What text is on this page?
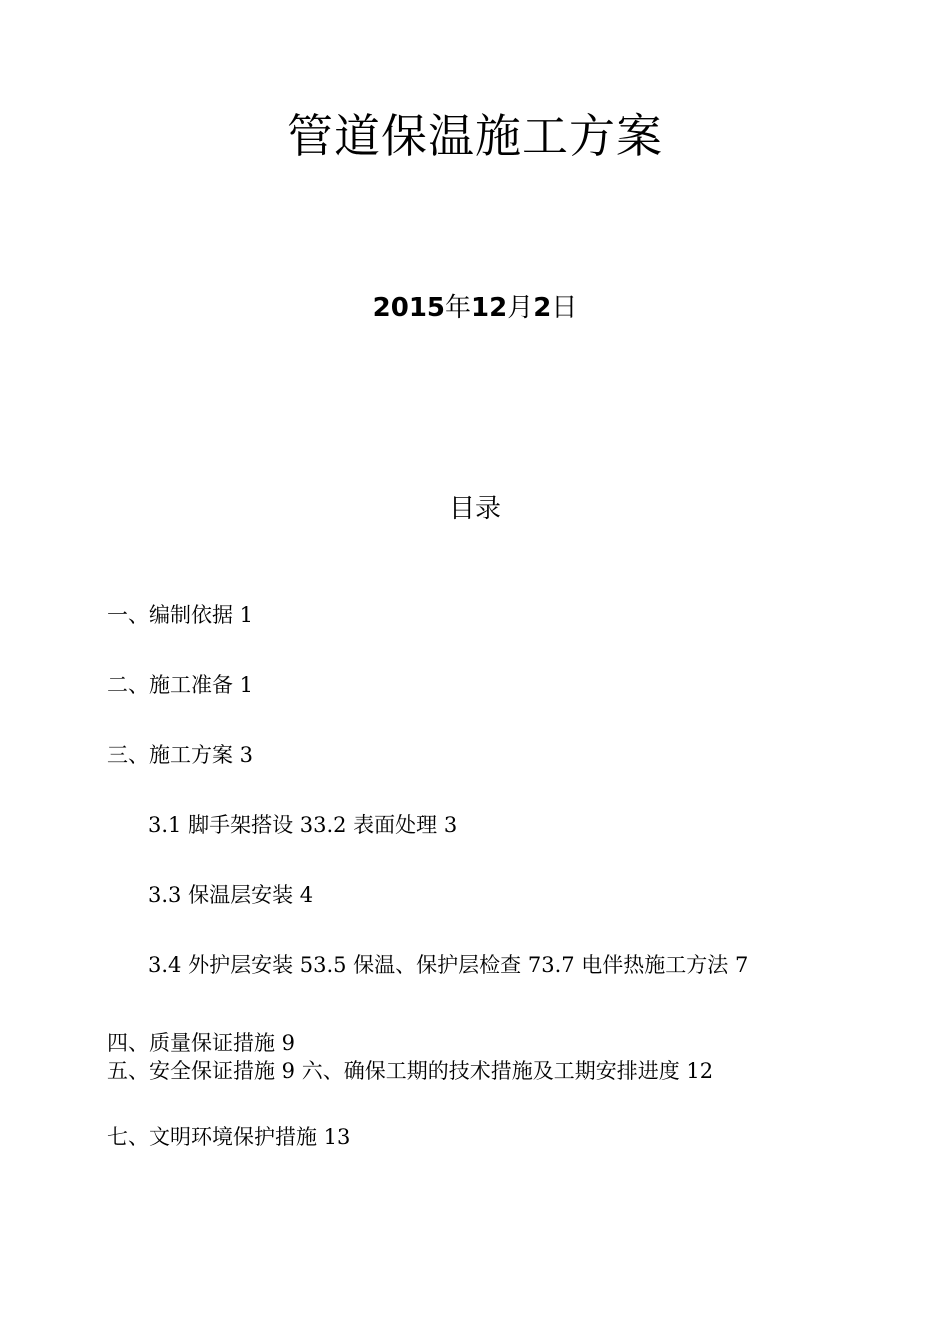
管道保温施工方案
2015年12月2日
目录
一、编制依据 1
二、施工准备 1
三、施工方案 3
3.1 脚手架搭设 33.2 表面处理 3
3.3 保温层安装 4
3.4 外护层安装 53.5 保温、保护层检查 73.7 电伴热施工方法 7
四、质量保证措施 9
五、安全保证措施 9 六、确保工期的技术措施及工期安排进度 12
七、文明环境保护措施 13
